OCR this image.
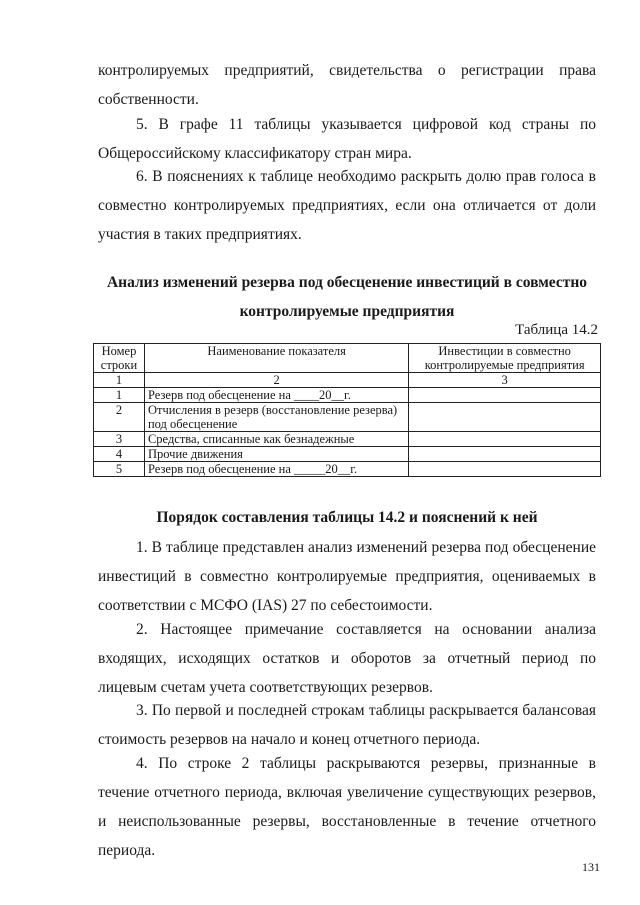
контролируемых предприятий, свидетельства о регистрации права собственности.

5. В графе 11 таблицы указывается цифровой код страны по Общероссийскому классификатору стран мира.

6. В пояснениях к таблице необходимо раскрыть долю прав голоса в совместно контролируемых предприятиях, если она отличается от доли участия в таких предприятиях.

Анализ изменений резерва под обесценение инвестиций в совместно

контролируемые предприятия

Таблица 14.2

Номер строки	Наименование показателя	Инвестиции в совместно контролируемые предприятия
1	2	3
1	Резерв под обесценение на ____20__г.	
2	Отчисления в резерв (восстановление резерва) под обесценение	
3	Средства, списанные как безнадежные	
4	Прочие движения	
5	Резерв под обесценение на _____20__г.	

Порядок составления таблицы 14.2 и пояснений к ней

1. В таблице представлен анализ изменений резерва под обесценение инвестиций в совместно контролируемые предприятия, оцениваемых в соответствии с МСФО (IAS) 27 по себестоимости.

2. Настоящее примечание составляется на основании анализа входящих, исходящих остатков и оборотов за отчетный период по лицевым счетам учета соответствующих резервов.

3. По первой и последней строкам таблицы раскрывается балансовая стоимость резервов на начало и конец отчетного периода.

4. По строке 2 таблицы раскрываются резервы, признанные в течение отчетного периода, включая увеличение существующих резервов, и неиспользованные резервы, восстановленные в течение отчетного периода.

131
